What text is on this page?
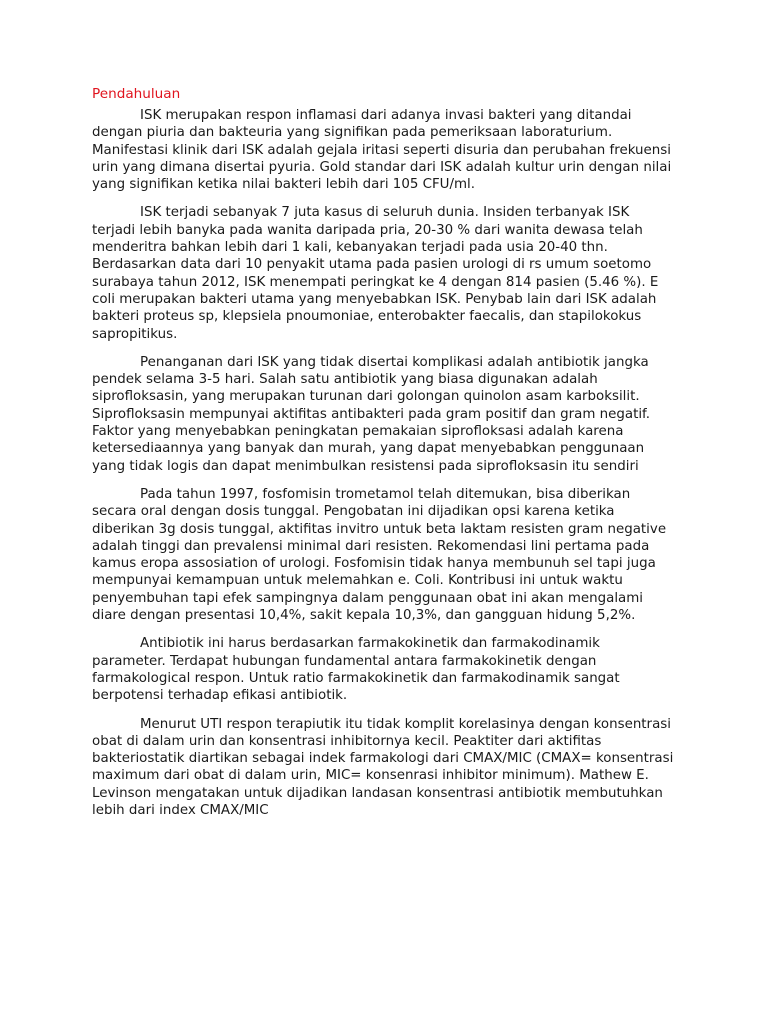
Pendahuluan

ISK merupakan respon inflamasi dari adanya invasi bakteri yang ditandai dengan piuria dan bakteuria yang signifikan pada pemeriksaan laboraturium. Manifestasi klinik dari ISK adalah gejala iritasi seperti disuria dan perubahan frekuensi urin yang dimana disertai pyuria. Gold standar dari ISK adalah kultur urin dengan nilai yang signifikan ketika nilai bakteri lebih dari 105 CFU/ml.

ISK terjadi sebanyak 7 juta kasus di seluruh dunia. Insiden terbanyak ISK terjadi lebih banyka pada wanita daripada pria, 20-30 % dari wanita dewasa telah menderitra bahkan lebih dari 1 kali, kebanyakan terjadi pada usia 20-40 thn. Berdasarkan data dari 10 penyakit utama pada pasien urologi di rs umum soetomo surabaya tahun 2012, ISK menempati peringkat ke 4 dengan 814 pasien (5.46 %). E coli merupakan bakteri utama yang menyebabkan ISK. Penybab lain dari ISK adalah bakteri proteus sp, klepsiela pnoumoniae, enterobakter faecalis, dan stapilokokus sapropitikus.

Penanganan dari ISK yang tidak disertai komplikasi adalah antibiotik jangka pendek selama 3-5 hari. Salah satu antibiotik yang biasa digunakan adalah siprofloksasin, yang merupakan turunan dari golongan quinolon asam karboksilit. Siprofloksasin mempunyai aktifitas antibakteri pada gram positif dan gram negatif. Faktor yang menyebabkan peningkatan pemakaian siprofloksasi adalah karena ketersediaannya yang banyak dan murah, yang dapat menyebabkan penggunaan yang tidak logis dan dapat menimbulkan resistensi pada siprofloksasin itu sendiri

Pada tahun 1997, fosfomisin trometamol telah ditemukan, bisa diberikan secara oral dengan dosis tunggal. Pengobatan ini dijadikan opsi karena ketika diberikan 3g dosis tunggal, aktifitas invitro untuk beta laktam resisten gram negative adalah tinggi dan prevalensi minimal dari resisten. Rekomendasi lini pertama pada kamus eropa assosiation of urologi. Fosfomisin tidak hanya membunuh sel tapi juga mempunyai kemampuan untuk melemahkan e. Coli. Kontribusi ini untuk waktu penyembuhan tapi efek sampingnya dalam penggunaan obat ini akan mengalami diare dengan presentasi 10,4%, sakit kepala 10,3%, dan gangguan hidung 5,2%.

Antibiotik ini harus berdasarkan farmakokinetik dan farmakodinamik parameter. Terdapat hubungan fundamental antara farmakokinetik dengan farmakological respon. Untuk ratio farmakokinetik dan farmakodinamik sangat berpotensi terhadap efikasi antibiotik.

Menurut UTI respon terapiutik itu tidak komplit korelasinya dengan konsentrasi obat di dalam urin dan konsentrasi inhibitornya kecil. Peaktiter dari aktifitas bakteriostatik diartikan sebagai indek farmakologi dari CMAX/MIC (CMAX= konsentrasi maximum dari obat di dalam urin, MIC= konsenrasi inhibitor minimum). Mathew E. Levinson mengatakan untuk dijadikan landasan konsentrasi antibiotik membutuhkan lebih dari index CMAX/MIC
